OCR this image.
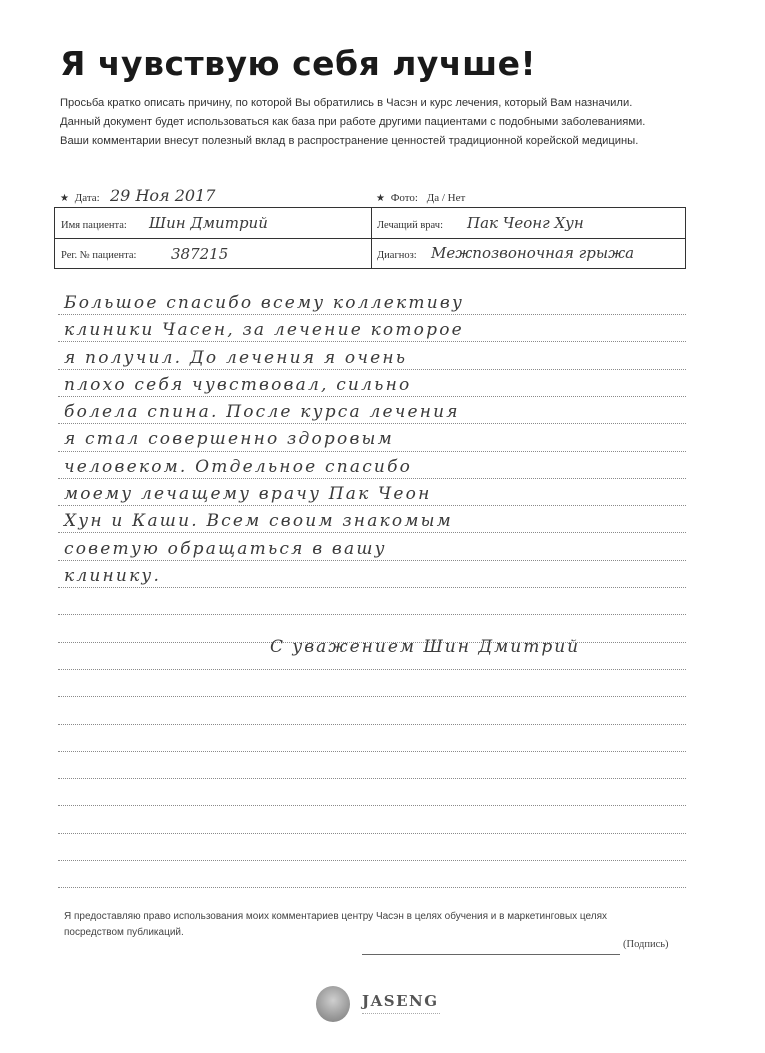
Я чувствую себя лучше!
Просьба кратко описать причину, по которой Вы обратились в Часэн и курс лечения, который Вам назначили.
Данный документ будет использоваться как база при работе другими пациентами с подобными заболеваниями.
Ваши комментарии внесут полезный вклад в распространение ценностей традиционной корейской медицины.
★ Дата: 29 Ноя 2017	★ Фото: Да / Нет
Имя пациента: Шин Дмитрий	Лечащий врач: Пак Чеонг Хун
Рег. № пациента: 387215	Диагноз: Межпозвоночная грыжа
Большое спасибо всему коллективу
клиники Часен, за лечение которое
я получил. До лечения я очень
плохо себя чувствовал, сильно
болела спина. После курса лечения
я стал совершенно здоровым
человеком. Отдельное спасибо
моему лечащему врачу Пак Чеон
Хун и Каши. Всем своим знакомым
советую обращаться в вашу
клинику.
С уважением Шин Дмитрий
Я предоставляю право использования моих комментариев центру Часэн в целях обучения и в маркетинговых целях
посредством публикаций.
(Подпись)
JASENG
